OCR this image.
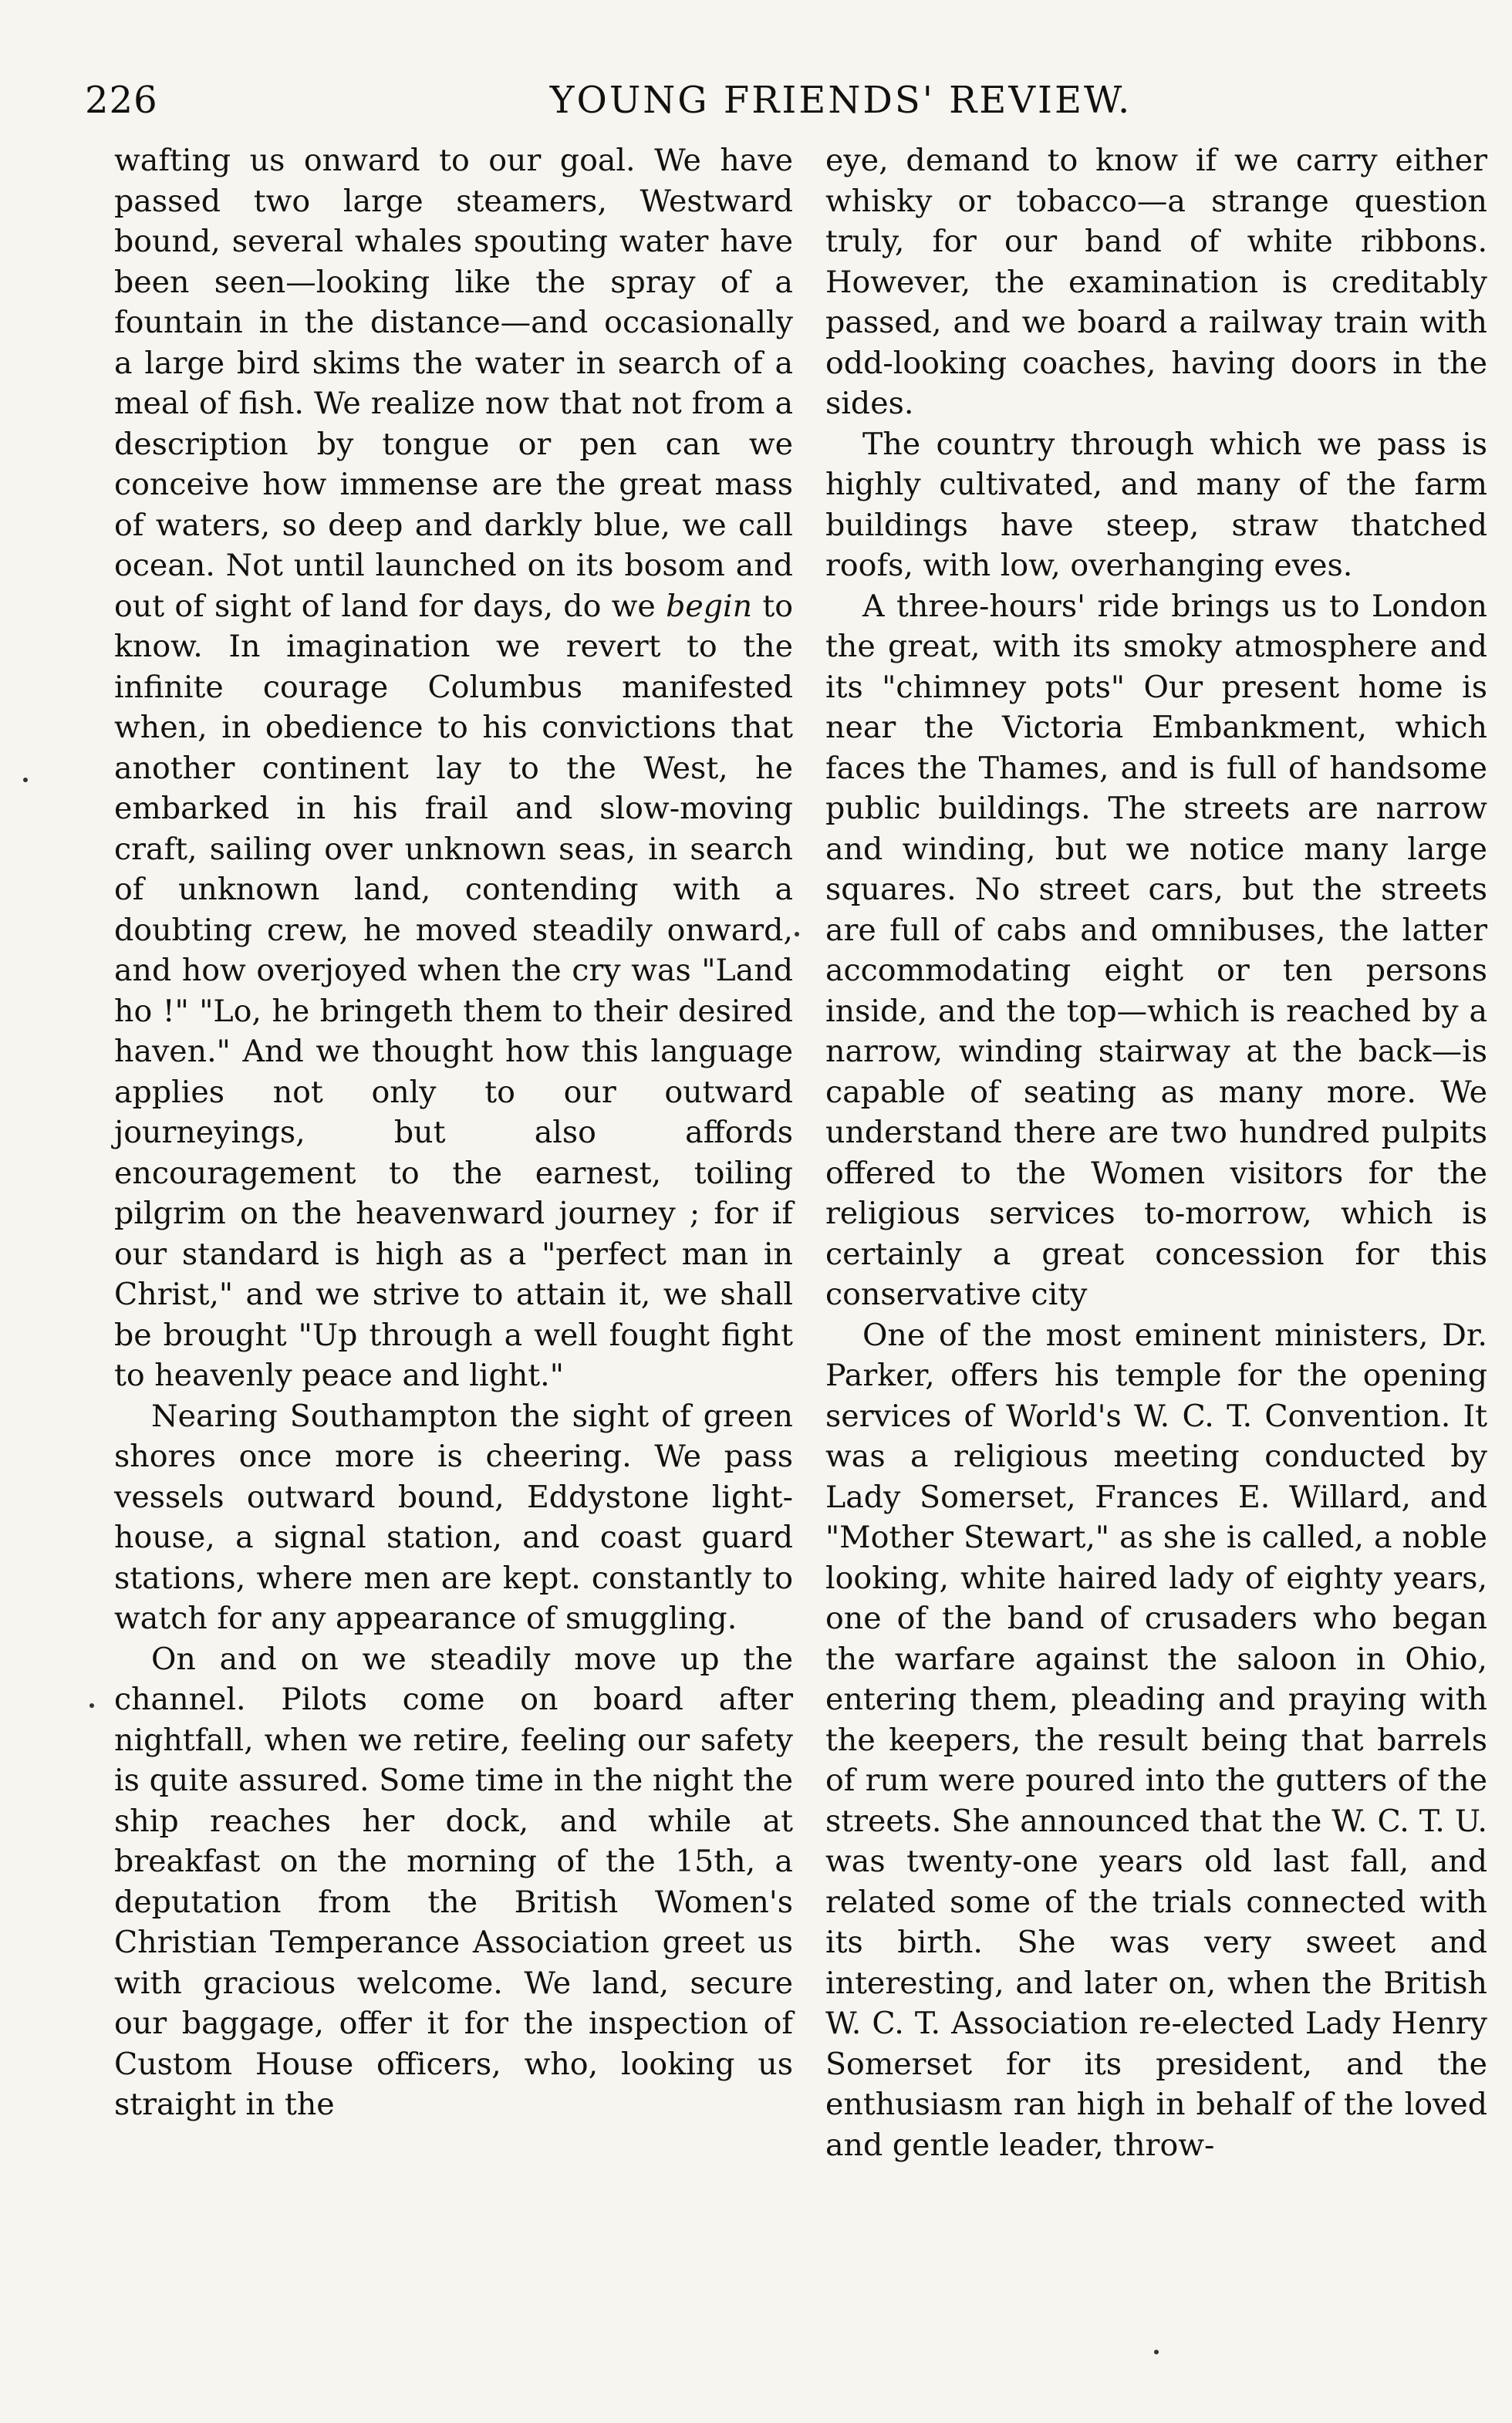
226	YOUNG FRIENDS' REVIEW.

wafting us onward to our goal. We have passed two large steamers, Westward bound, several whales spouting water have been seen—looking like the spray of a fountain in the distance—and occasionally a large bird skims the water in search of a meal of fish. We realize now that not from a description by tongue or pen can we conceive how immense are the great mass of waters, so deep and darkly blue, we call ocean. Not until launched on its bosom and out of sight of land for days, do we begin to know. In imagination we revert to the infinite courage Columbus manifested when, in obedience to his convictions that another continent lay to the West, he embarked in his frail and slow-moving craft, sailing over unknown seas, in search of unknown land, contending with a doubting crew, he moved steadily onward, and how overjoyed when the cry was "Land ho !" "Lo, he bringeth them to their desired haven." And we thought how this language applies not only to our outward journeyings, but also affords encouragement to the earnest, toiling pilgrim on the heavenward journey ; for if our standard is high as a "perfect man in Christ," and we strive to attain it, we shall be brought "Up through a well fought fight to heavenly peace and light."

Nearing Southampton the sight of green shores once more is cheering. We pass vessels outward bound, Eddystone light-house, a signal station, and coast guard stations, where men are kept. constantly to watch for any appearance of smuggling.

On and on we steadily move up the channel. Pilots come on board after nightfall, when we retire, feeling our safety is quite assured. Some time in the night the ship reaches her dock, and while at breakfast on the morning of the 15th, a deputation from the British Women's Christian Temperance Association greet us with gracious welcome. We land, secure our baggage, offer it for the inspection of Custom House officers, who, looking us straight in the

eye, demand to know if we carry either whisky or tobacco—a strange question truly, for our band of white ribbons. However, the examination is creditably passed, and we board a railway train with odd-looking coaches, having doors in the sides.

The country through which we pass is highly cultivated, and many of the farm buildings have steep, straw thatched roofs, with low, overhanging eves.

A three-hours' ride brings us to London the great, with its smoky atmosphere and its "chimney pots" Our present home is near the Victoria Embankment, which faces the Thames, and is full of handsome public buildings. The streets are narrow and winding, but we notice many large squares. No street cars, but the streets are full of cabs and omnibuses, the latter accommodating eight or ten persons inside, and the top—which is reached by a narrow, winding stairway at the back—is capable of seating as many more. We understand there are two hundred pulpits offered to the Women visitors for the religious services to-morrow, which is certainly a great concession for this conservative city

One of the most eminent ministers, Dr. Parker, offers his temple for the opening services of World's W. C. T. Convention. It was a religious meeting conducted by Lady Somerset, Frances E. Willard, and "Mother Stewart," as she is called, a noble looking, white haired lady of eighty years, one of the band of crusaders who began the warfare against the saloon in Ohio, entering them, pleading and praying with the keepers, the result being that barrels of rum were poured into the gutters of the streets. She announced that the W. C. T. U. was twenty-one years old last fall, and related some of the trials connected with its birth. She was very sweet and interesting, and later on, when the British W. C. T. Association re-elected Lady Henry Somerset for its president, and the enthusiasm ran high in behalf of the loved and gentle leader, throw-
